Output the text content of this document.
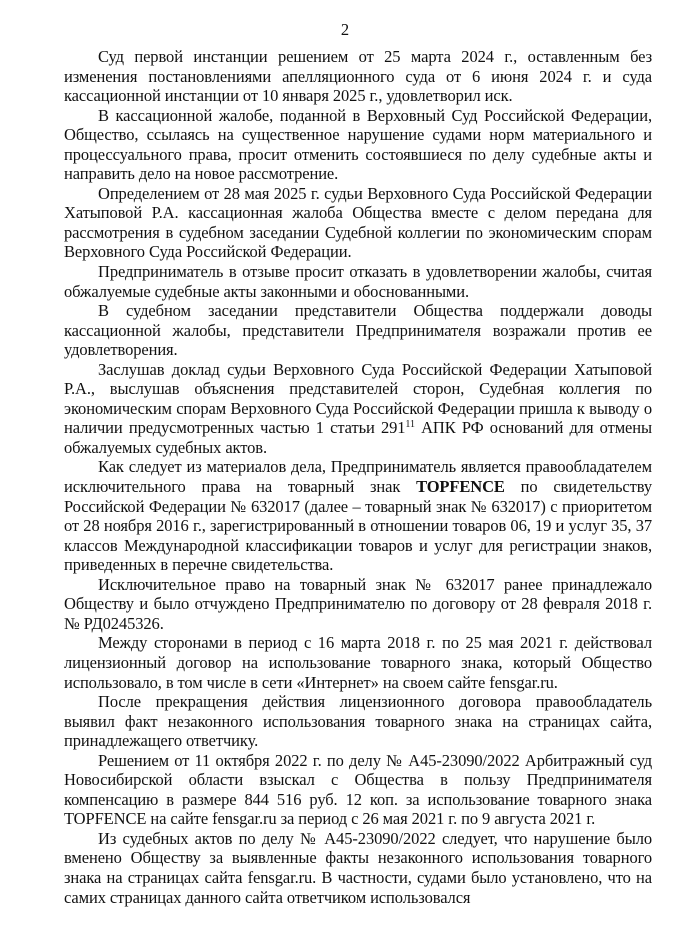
2

Суд первой инстанции решением от 25 марта 2024 г., оставленным без изменения постановлениями апелляционного суда от 6 июня 2024 г. и суда кассационной инстанции от 10 января 2025 г., удовлетворил иск.

В кассационной жалобе, поданной в Верховный Суд Российской Федерации, Общество, ссылаясь на существенное нарушение судами норм материального и процессуального права, просит отменить состоявшиеся по делу судебные акты и направить дело на новое рассмотрение.

Определением от 28 мая 2025 г. судьи Верховного Суда Российской Федерации Хатыповой Р.А. кассационная жалоба Общества вместе с делом передана для рассмотрения в судебном заседании Судебной коллегии по экономическим спорам Верховного Суда Российской Федерации.

Предприниматель в отзыве просит отказать в удовлетворении жалобы, считая обжалуемые судебные акты законными и обоснованными.

В судебном заседании представители Общества поддержали доводы кассационной жалобы, представители Предпринимателя возражали против ее удовлетворения.

Заслушав доклад судьи Верховного Суда Российской Федерации Хатыповой Р.А., выслушав объяснения представителей сторон, Судебная коллегия по экономическим спорам Верховного Суда Российской Федерации пришла к выводу о наличии предусмотренных частью 1 статьи $291^{11}$ АПК РФ оснований для отмены обжалуемых судебных актов.

Как следует из материалов дела, Предприниматель является правообладателем исключительного права на товарный знак TOPFENCE по свидетельству Российской Федерации № 632017 (далее – товарный знак № 632017) с приоритетом от 28 ноября 2016 г., зарегистрированный в отношении товаров 06, 19 и услуг 35, 37 классов Международной классификации товаров и услуг для регистрации знаков, приведенных в перечне свидетельства.

Исключительное право на товарный знак № 632017 ранее принадлежало Обществу и было отчуждено Предпринимателю по договору от 28 февраля 2018 г. № РД0245326.

Между сторонами в период с 16 марта 2018 г. по 25 мая 2021 г. действовал лицензионный договор на использование товарного знака, который Общество использовало, в том числе в сети «Интернет» на своем сайте fensgar.ru.

После прекращения действия лицензионного договора правообладатель выявил факт незаконного использования товарного знака на страницах сайта, принадлежащего ответчику.

Решением от 11 октября 2022 г. по делу № А45-23090/2022 Арбитражный суд Новосибирской области взыскал с Общества в пользу Предпринимателя компенсацию в размере 844 516 руб. 12 коп. за использование товарного знака TOPFENCE на сайте fensgar.ru за период с 26 мая 2021 г. по 9 августа 2021 г.

Из судебных актов по делу № А45-23090/2022 следует, что нарушение было вменено Обществу за выявленные факты незаконного использования товарного знака на страницах сайта fensgar.ru. В частности, судами было установлено, что на самих страницах данного сайта ответчиком использовался
